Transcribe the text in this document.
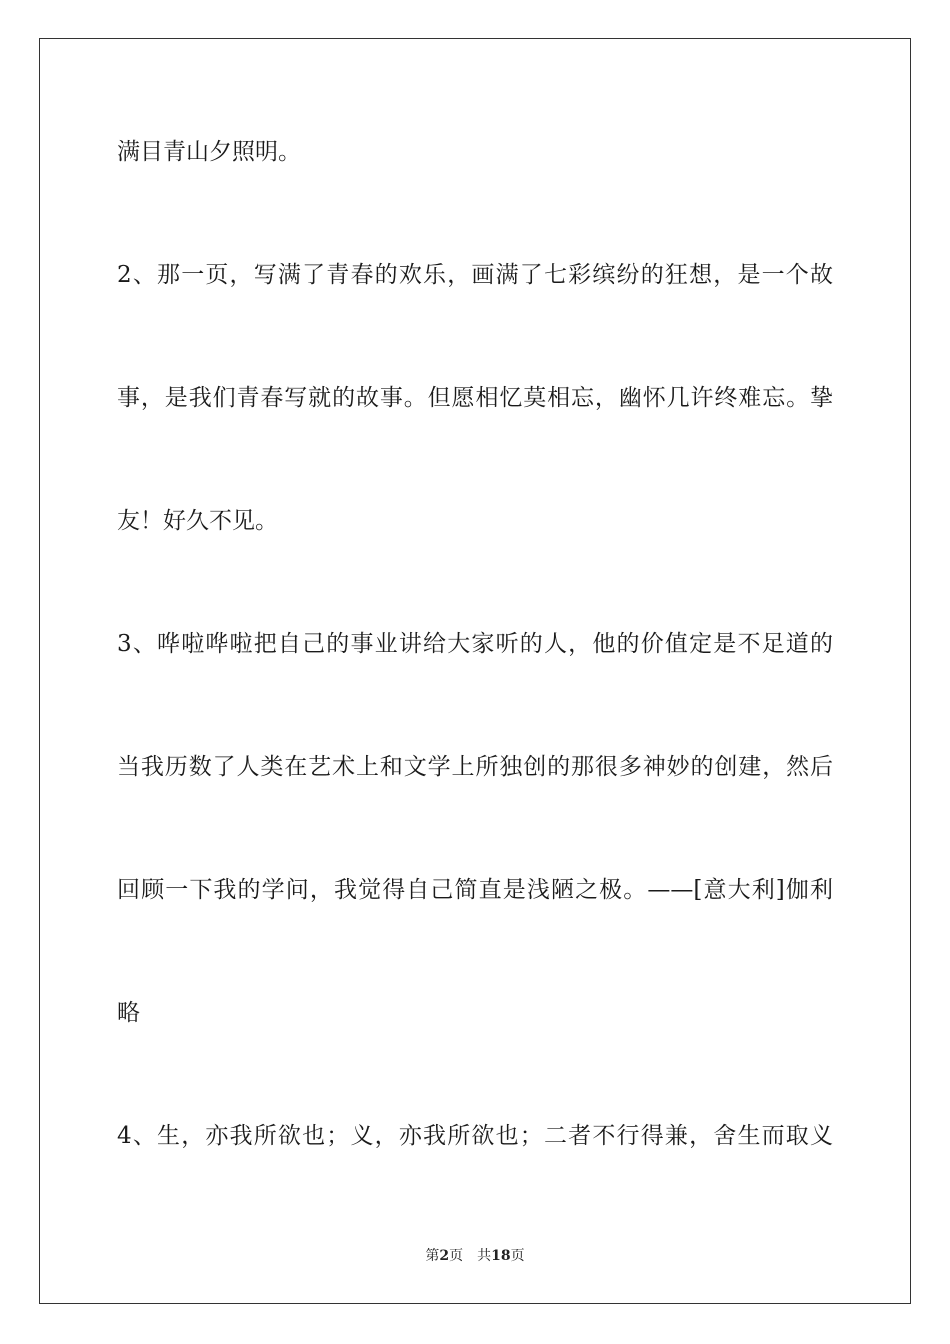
满目青山夕照明。
2、那一页，写满了青春的欢乐，画满了七彩缤纷的狂想，是一个故
事，是我们青春写就的故事。但愿相忆莫相忘，幽怀几许终难忘。挚
友！好久不见。
3、哗啦哗啦把自己的事业讲给大家听的人，他的价值定是不足道的
当我历数了人类在艺术上和文学上所独创的那很多神妙的创建，然后
回顾一下我的学问，我觉得自己简直是浅陋之极。——[意大利]伽利
略
4、生，亦我所欲也；义，亦我所欲也；二者不行得兼，舍生而取义
第2页 共18页
